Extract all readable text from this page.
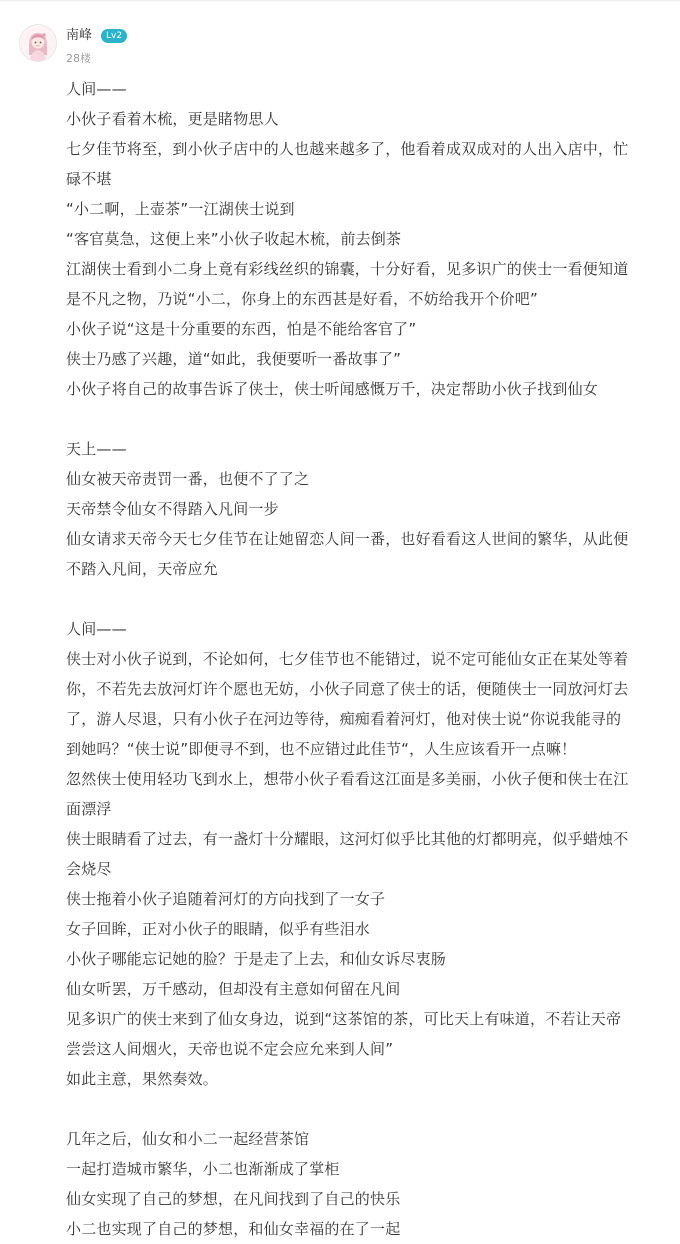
南峰	Lv2
28楼
人间——
小伙子看着木梳，更是睹物思人
七夕佳节将至，到小伙子店中的人也越来越多了，他看着成双成对的人出入店中，忙
碌不堪
“小二啊，上壶茶”一江湖侠士说到
“客官莫急，这便上来”小伙子收起木梳，前去倒茶
江湖侠士看到小二身上竟有彩线丝织的锦囊，十分好看，见多识广的侠士一看便知道
是不凡之物，乃说“小二，你身上的东西甚是好看，不妨给我开个价吧”
小伙子说“这是十分重要的东西，怕是不能给客官了”
侠士乃感了兴趣，道“如此，我便要听一番故事了”
小伙子将自己的故事告诉了侠士，侠士听闻感慨万千，决定帮助小伙子找到仙女
天上——
仙女被天帝责罚一番，也便不了了之
天帝禁令仙女不得踏入凡间一步
仙女请求天帝今天七夕佳节在让她留恋人间一番，也好看看这人世间的繁华，从此便
不踏入凡间，天帝应允
人间——
侠士对小伙子说到，不论如何，七夕佳节也不能错过，说不定可能仙女正在某处等着
你，不若先去放河灯许个愿也无妨，小伙子同意了侠士的话，便随侠士一同放河灯去
了，游人尽退，只有小伙子在河边等待，痴痴看着河灯，他对侠士说“你说我能寻的
到她吗？“侠士说”即便寻不到，也不应错过此佳节“，人生应该看开一点嘛！
忽然侠士使用轻功飞到水上，想带小伙子看看这江面是多美丽，小伙子便和侠士在江
面漂浮
侠士眼睛看了过去，有一盏灯十分耀眼，这河灯似乎比其他的灯都明亮，似乎蜡烛不
会烧尽
侠士拖着小伙子追随着河灯的方向找到了一女子
女子回眸，正对小伙子的眼睛，似乎有些泪水
小伙子哪能忘记她的脸？于是走了上去，和仙女诉尽衷肠
仙女听罢，万千感动，但却没有主意如何留在凡间
见多识广的侠士来到了仙女身边，说到“这茶馆的茶，可比天上有味道，不若让天帝
尝尝这人间烟火，天帝也说不定会应允来到人间”
如此主意，果然奏效。
几年之后，仙女和小二一起经营茶馆
一起打造城市繁华，小二也渐渐成了掌柜
仙女实现了自己的梦想，在凡间找到了自己的快乐
小二也实现了自己的梦想，和仙女幸福的在了一起
